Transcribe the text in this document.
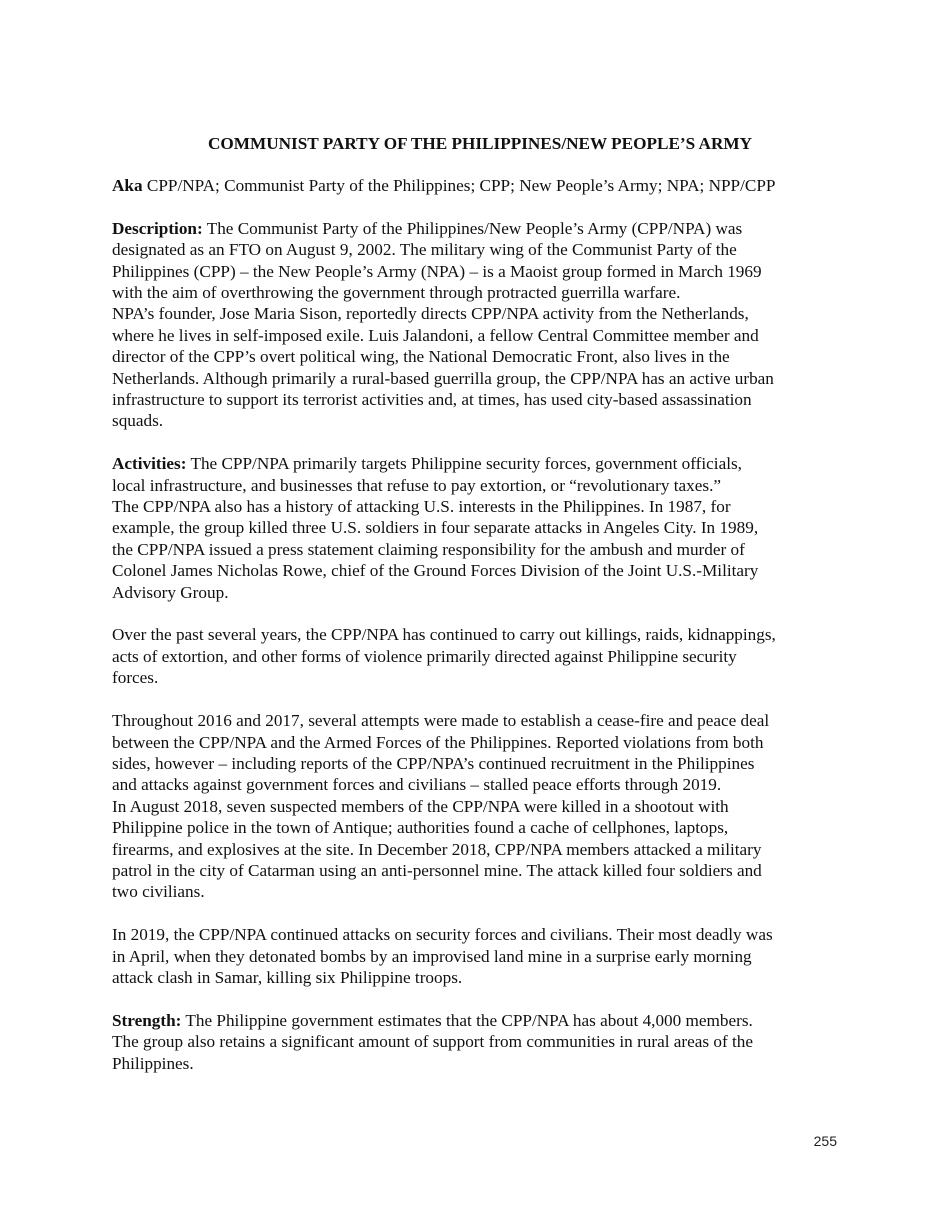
COMMUNIST PARTY OF THE PHILIPPINES/NEW PEOPLE’S ARMY

Aka CPP/NPA; Communist Party of the Philippines; CPP; New People’s Army; NPA; NPP/CPP

Description: The Communist Party of the Philippines/New People’s Army (CPP/NPA) was
designated as an FTO on August 9, 2002. The military wing of the Communist Party of the
Philippines (CPP) – the New People’s Army (NPA) – is a Maoist group formed in March 1969
with the aim of overthrowing the government through protracted guerrilla warfare.
NPA’s founder, Jose Maria Sison, reportedly directs CPP/NPA activity from the Netherlands,
where he lives in self-imposed exile. Luis Jalandoni, a fellow Central Committee member and
director of the CPP’s overt political wing, the National Democratic Front, also lives in the
Netherlands. Although primarily a rural-based guerrilla group, the CPP/NPA has an active urban
infrastructure to support its terrorist activities and, at times, has used city-based assassination
squads.

Activities: The CPP/NPA primarily targets Philippine security forces, government officials,
local infrastructure, and businesses that refuse to pay extortion, or “revolutionary taxes.”
The CPP/NPA also has a history of attacking U.S. interests in the Philippines. In 1987, for
example, the group killed three U.S. soldiers in four separate attacks in Angeles City. In 1989,
the CPP/NPA issued a press statement claiming responsibility for the ambush and murder of
Colonel James Nicholas Rowe, chief of the Ground Forces Division of the Joint U.S.-Military
Advisory Group.

Over the past several years, the CPP/NPA has continued to carry out killings, raids, kidnappings,
acts of extortion, and other forms of violence primarily directed against Philippine security
forces.

Throughout 2016 and 2017, several attempts were made to establish a cease-fire and peace deal
between the CPP/NPA and the Armed Forces of the Philippines. Reported violations from both
sides, however – including reports of the CPP/NPA’s continued recruitment in the Philippines
and attacks against government forces and civilians – stalled peace efforts through 2019.
In August 2018, seven suspected members of the CPP/NPA were killed in a shootout with
Philippine police in the town of Antique; authorities found a cache of cellphones, laptops,
firearms, and explosives at the site. In December 2018, CPP/NPA members attacked a military
patrol in the city of Catarman using an anti-personnel mine. The attack killed four soldiers and
two civilians.

In 2019, the CPP/NPA continued attacks on security forces and civilians. Their most deadly was
in April, when they detonated bombs by an improvised land mine in a surprise early morning
attack clash in Samar, killing six Philippine troops.

Strength: The Philippine government estimates that the CPP/NPA has about 4,000 members.
The group also retains a significant amount of support from communities in rural areas of the
Philippines.

255
